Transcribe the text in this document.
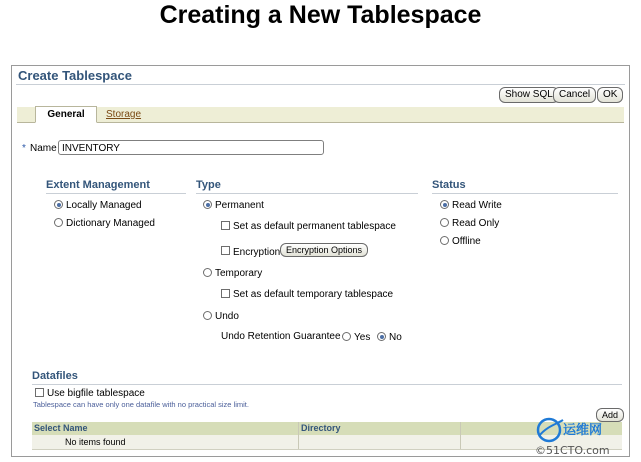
Creating a New Tablespace
Create Tablespace
Show SQL Cancel	OK
General	Storage
* Name INVENTORY
Extent Management
Locally Managed
Dictionary Managed
Type
Permanent
Set as default permanent tablespace
Encryption Encryption Options
Temporary
Set as default temporary tablespace
Undo
Undo Retention Guarantee Yes No
Status
Read Write
Read Only
Offline
Datafiles
Use bigfile tablespace
Tablespace can have only one datafile with no practical size limit.
Add
Select Name	Directory
No items found
运维网
©51CTO.com
